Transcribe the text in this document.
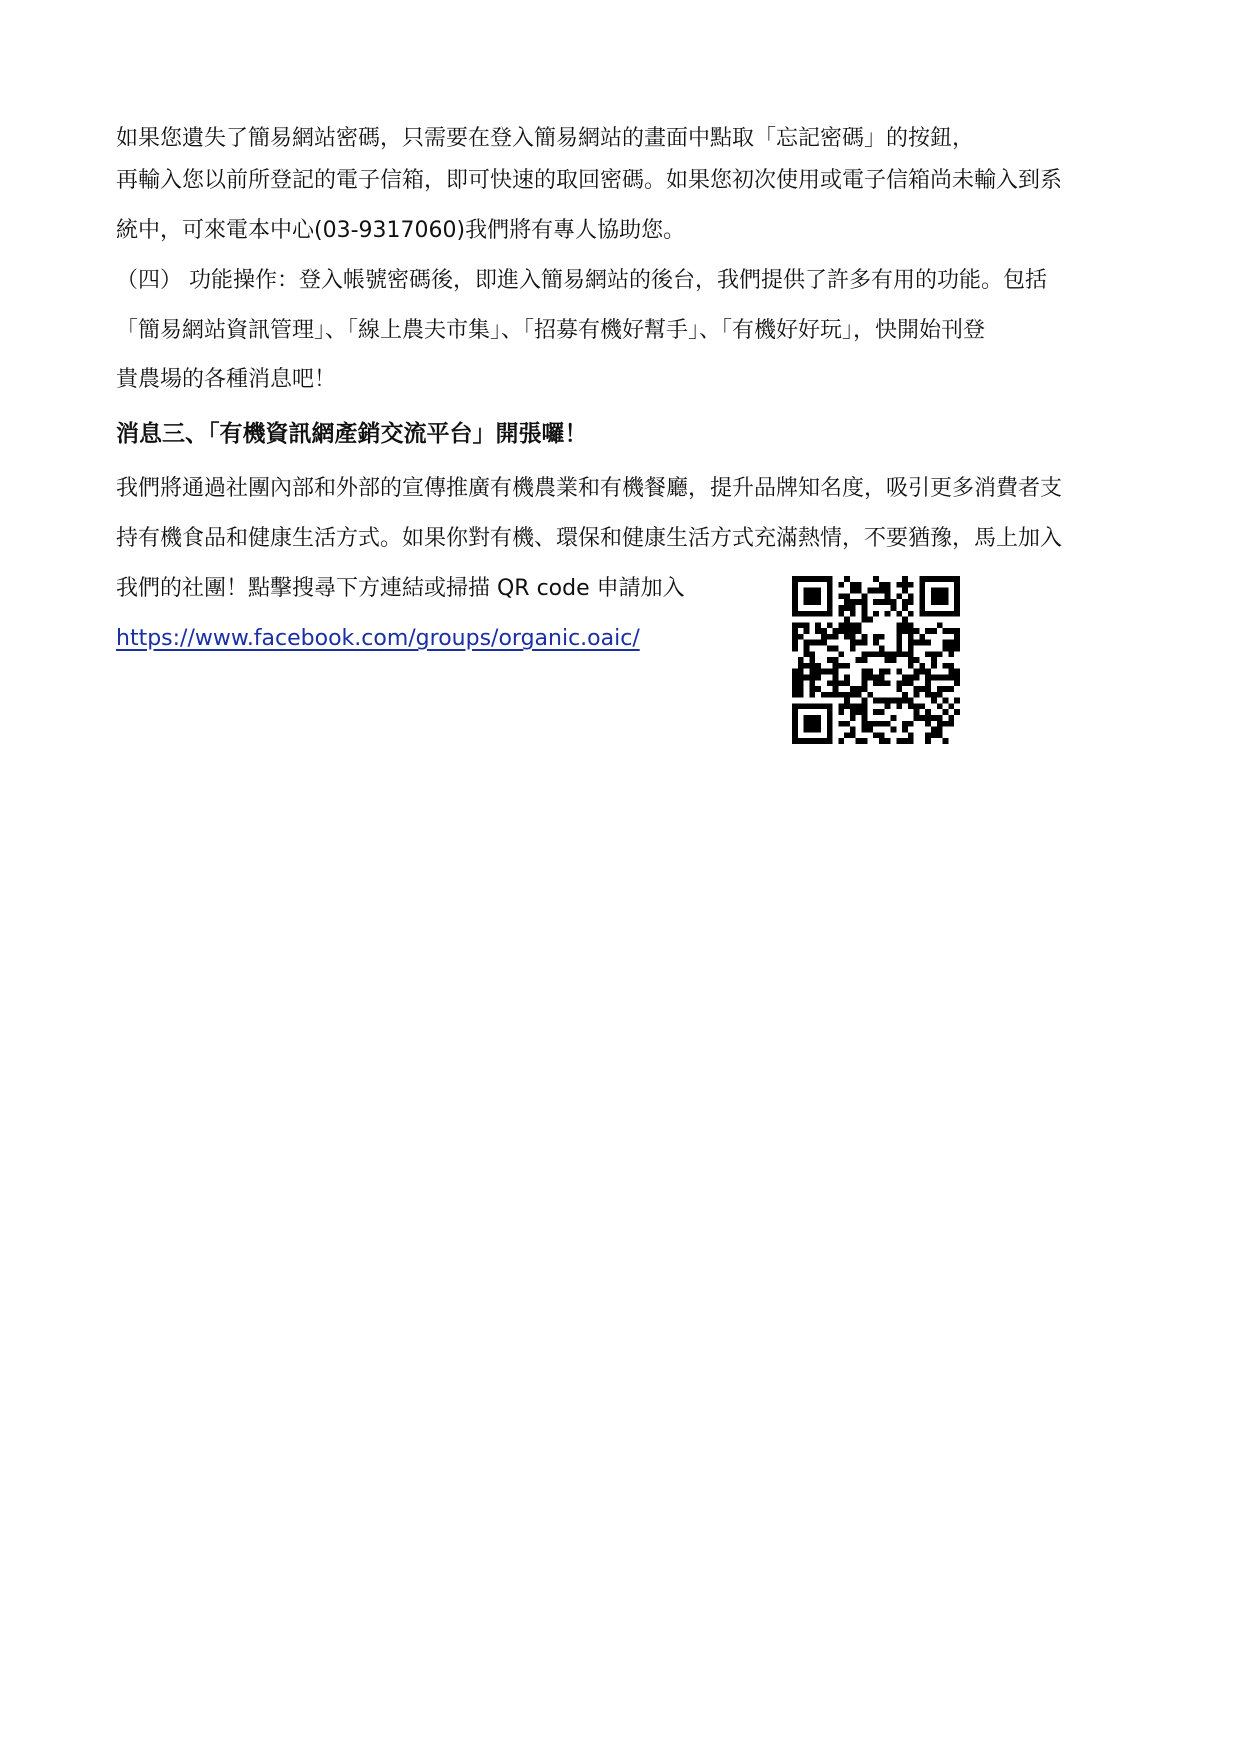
如果您遺失了簡易網站密碼，只需要在登入簡易網站的畫面中點取「忘記密碼」的按鈕，
再輸入您以前所登記的電子信箱，即可快速的取回密碼。如果您初次使用或電子信箱尚未輸入到系
統中，可來電本中心(03-9317060)我們將有專人協助您。
（四） 功能操作：登入帳號密碼後，即進入簡易網站的後台，我們提供了許多有用的功能。包括
「簡易網站資訊管理」、「線上農夫市集」、「招募有機好幫手」、「有機好好玩」，快開始刊登
貴農場的各種消息吧！
消息三、「有機資訊網產銷交流平台」開張囉！
我們將通過社團內部和外部的宣傳推廣有機農業和有機餐廳，提升品牌知名度，吸引更多消費者支
持有機食品和健康生活方式。如果你對有機、環保和健康生活方式充滿熱情，不要猶豫，馬上加入
我們的社團！點擊搜尋下方連結或掃描 QR code 申請加入
https://www.facebook.com/groups/organic.oaic/
